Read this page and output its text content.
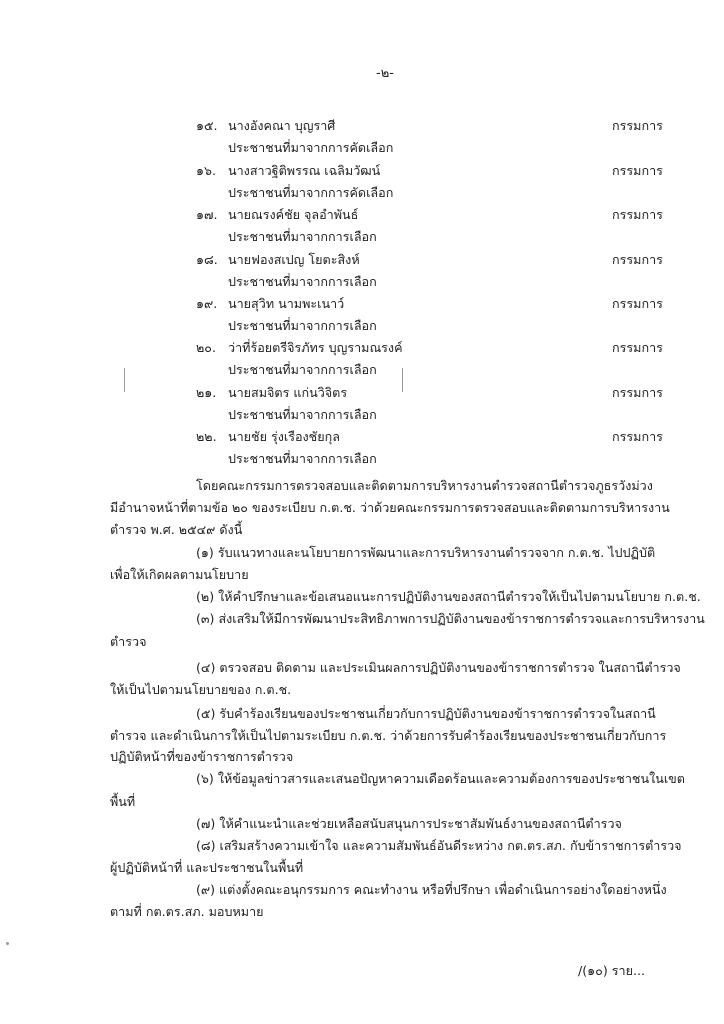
-๒-
๑๕. นางอังคณา บุญราศี	กรรมการ
ประชาชนที่มาจากการคัดเลือก
๑๖. นางสาวฐิติพรรณ เฉลิมวัฒน์	กรรมการ
ประชาชนที่มาจากการคัดเลือก
๑๗. นายณรงค์ชัย จุลอำพันธ์	กรรมการ
ประชาชนที่มาจากการเลือก
๑๘. นายฟองสเปญ โยตะสิงห์	กรรมการ
ประชาชนที่มาจากการเลือก
๑๙. นายสุวิท นามพะเนาว์	กรรมการ
ประชาชนที่มาจากการเลือก
๒๐. ว่าที่ร้อยตรีจิรภัทร บุญรามณรงค์	กรรมการ
ประชาชนที่มาจากการเลือก
๒๑. นายสมจิตร แก่นวิจิตร	กรรมการ
ประชาชนที่มาจากการเลือก
๒๒. นายชัย รุ่งเรืองชัยกุล	กรรมการ
ประชาชนที่มาจากการเลือก
โดยคณะกรรมการตรวจสอบและติดตามการบริหารงานตำรวจสถานีตำรวจภูธรวังม่วง
มีอำนาจหน้าที่ตามข้อ ๒๐ ของระเบียบ ก.ต.ช. ว่าด้วยคณะกรรมการตรวจสอบและติดตามการบริหารงาน
ตำรวจ พ.ศ. ๒๕๔๙ ดังนี้
(๑) รับแนวทางและนโยบายการพัฒนาและการบริหารงานตำรวจจาก ก.ต.ช. ไปปฏิบัติ
เพื่อให้เกิดผลตามนโยบาย
(๒) ให้คำปรึกษาและข้อเสนอแนะการปฏิบัติงานของสถานีตำรวจให้เป็นไปตามนโยบาย ก.ต.ช.
(๓) ส่งเสริมให้มีการพัฒนาประสิทธิภาพการปฏิบัติงานของข้าราชการตำรวจและการบริหารงาน
ตำรวจ
(๔) ตรวจสอบ ติดตาม และประเมินผลการปฏิบัติงานของข้าราชการตำรวจ ในสถานีตำรวจ
ให้เป็นไปตามนโยบายของ ก.ต.ช.
(๕) รับคำร้องเรียนของประชาชนเกี่ยวกับการปฏิบัติงานของข้าราชการตำรวจในสถานี
ตำรวจ และดำเนินการให้เป็นไปตามระเบียบ ก.ต.ช. ว่าด้วยการรับคำร้องเรียนของประชาชนเกี่ยวกับการ
ปฏิบัติหน้าที่ของข้าราชการตำรวจ
(๖) ให้ข้อมูลข่าวสารและเสนอปัญหาความเดือดร้อนและความต้องการของประชาชนในเขต
พื้นที่
(๗) ให้คำแนะนำและช่วยเหลือสนับสนุนการประชาสัมพันธ์งานของสถานีตำรวจ
(๘) เสริมสร้างความเข้าใจ และความสัมพันธ์อันดีระหว่าง กต.ตร.สภ. กับข้าราชการตำรวจ
ผู้ปฏิบัติหน้าที่ และประชาชนในพื้นที่
(๙) แต่งตั้งคณะอนุกรรมการ คณะทำงาน หรือที่ปรึกษา เพื่อดำเนินการอย่างใดอย่างหนึ่ง
ตามที่ กต.ตร.สภ. มอบหมาย
/(๑๐) ราย...
